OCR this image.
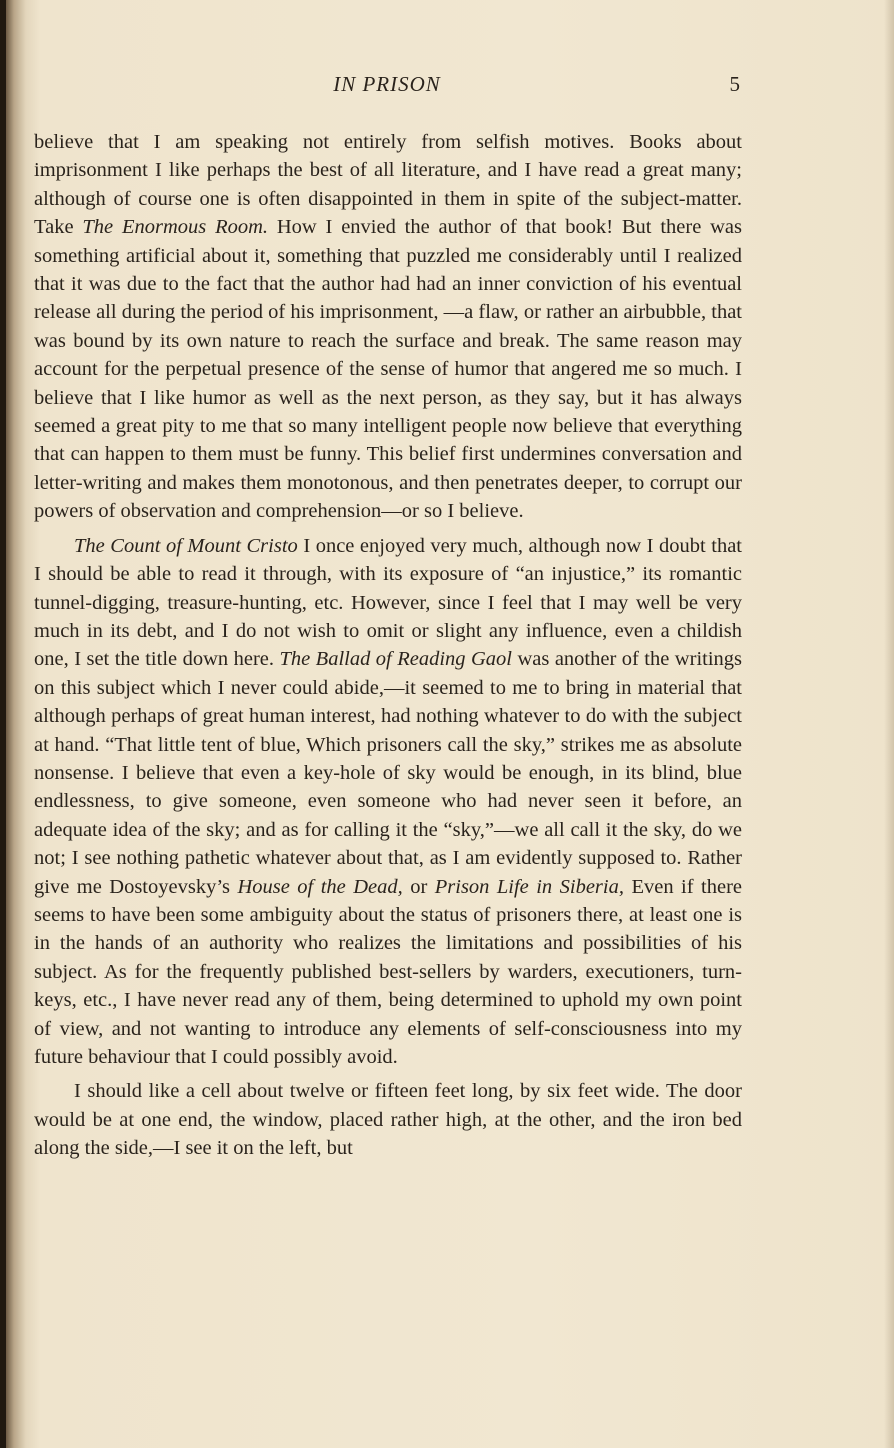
IN PRISON	5

believe that I am speaking not entirely from selfish motives. Books about imprisonment I like perhaps the best of all literature, and I have read a great many; although of course one is often disappointed in them in spite of the subject-matter. Take The Enormous Room. How I envied the author of that book! But there was something artificial about it, something that puzzled me considerably until I realized that it was due to the fact that the author had had an inner conviction of his eventual release all during the period of his imprisonment, —a flaw, or rather an airbubble, that was bound by its own nature to reach the surface and break. The same reason may account for the perpetual presence of the sense of humor that angered me so much. I believe that I like humor as well as the next person, as they say, but it has always seemed a great pity to me that so many intelligent people now believe that everything that can happen to them must be funny. This belief first undermines conversation and letter-writing and makes them monotonous, and then penetrates deeper, to corrupt our powers of observation and comprehension—or so I believe.

The Count of Mount Cristo I once enjoyed very much, although now I doubt that I should be able to read it through, with its exposure of “an injustice,” its romantic tunnel-digging, treasure-hunting, etc. However, since I feel that I may well be very much in its debt, and I do not wish to omit or slight any influence, even a childish one, I set the title down here. The Ballad of Reading Gaol was another of the writings on this subject which I never could abide,—it seemed to me to bring in material that although perhaps of great human interest, had nothing whatever to do with the subject at hand. “That little tent of blue, Which prisoners call the sky,” strikes me as absolute nonsense. I believe that even a key-hole of sky would be enough, in its blind, blue endlessness, to give someone, even someone who had never seen it before, an adequate idea of the sky; and as for calling it the “sky,”—we all call it the sky, do we not; I see nothing pathetic whatever about that, as I am evidently supposed to. Rather give me Dostoyevsky’s House of the Dead, or Prison Life in Siberia, Even if there seems to have been some ambiguity about the status of prisoners there, at least one is in the hands of an authority who realizes the limitations and possibilities of his subject. As for the frequently published best-sellers by warders, executioners, turn-keys, etc., I have never read any of them, being determined to uphold my own point of view, and not wanting to introduce any elements of self-consciousness into my future behaviour that I could possibly avoid.

I should like a cell about twelve or fifteen feet long, by six feet wide. The door would be at one end, the window, placed rather high, at the other, and the iron bed along the side,—I see it on the left, but
